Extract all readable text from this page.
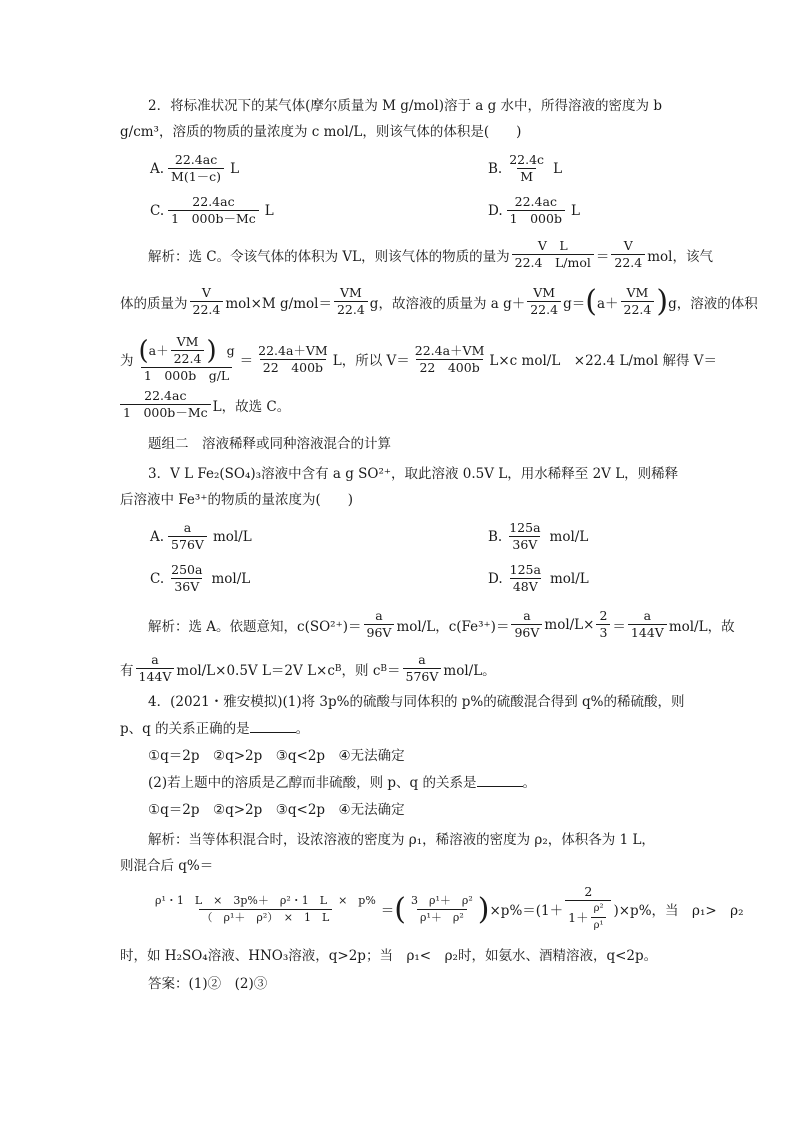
2．将标准状况下的某气体(摩尔质量为 M g/mol)溶于 a g 水中，所得溶液的密度为 b
g/cm³，溶质的物质的量浓度为 c mol/L，则该气体的体积是(　　)
A. $\frac{22.4ac}{M(1-c)}$ L	B. $\frac{22.4c}{M}$ L
C. $\frac{22.4ac}{1 000b-Mc}$ L	D. $\frac{22.4ac}{1 000b}$ L
解析：选 C。令该气体的体积为 VL，则该气体的物质的量为 $\frac{\text{V　L}}{\text{22.4　L/mol}} = \frac{V}{22.4}$ mol，该气
体的质量为 $\frac{V}{22.4} mol\times M$ $g/mol= \frac{VM}{22.4}$ g，故溶液的质量为 a $g+ \frac{VM}{22.4} g=$ ( $a+ \frac{VM}{22.4}$ ) g，溶液的体积
为 $\frac{( a+ \frac{VM}{22.4} ) g}{\text{1　000b　g/L}} = \frac{22.4a+VM}{22 400b}$ L，所以 $V= \frac{22.4a+VM}{22 400b} L\times c$ mol/L　×22.4 L/mol 解得 V＝
$\frac{22.4ac}{1 000b-Mc}$ L，故选 C。
题组二　溶液稀释或同种溶液混合的计算
3．V L Fe₂(SO₄)₃溶液中含有 a g SO²⁺，取此溶液 0.5V L，用水稀释至 2V L，则稀释
后溶液中 Fe³⁺的物质的量浓度为(　　)
A. $\frac{a}{576V} mol/L$	B. $\frac{125a}{36V} mol/L$
C. $\frac{250a}{36V} mol/L$	D. $\frac{125a}{48V} mol/L$
解析：选 A。依题意知，$c(SO^{2+})= \frac{a}{96V} mol/L$，$c(Fe^{3+})= \frac{a}{96V} mol/L\times \frac{2}{3} = \frac{a}{144V} mol/L$，故
有 $\frac{a}{144V} mol/L\times 0.5V$ L＝2V L×c B ，则 c $B = \frac{a}{576V} mol/L$。
4．(2021・雅安模拟)(1)将 3p%的硫酸与同体积的 p%的硫酸混合得到 q%的稀硫酸，则
p、q 的关系正确的是	。
①q＝2p　②q>2p　③q<2p　④无法确定
(2)若上题中的溶质是乙醇而非硫酸，则 p、q 的关系是	。
①q＝2p　②q>2p　③q<2p　④无法确定
解析：当等体积混合时，设浓溶液的密度为 ρ₁，稀溶液的密度为 ρ₂，体积各为 1 L，
则混合后 q%＝
$\frac{\text{ρ¹・1　L　×　3p\%＋　ρ²・1　L　×　p\%}}{\text{（　ρ¹＋　ρ²）　×　1　L}}$ ＝ ( $\frac{\text{3　ρ¹＋　ρ²}}{\text{ρ¹＋　ρ²}}$ ) $\times p\%=(1+ \frac{2}{1+ \frac{\text{ρ²}}{\text{ρ¹}}} )\times p\%$，当　ρ₁>　ρ₂
时，如 H₂SO₄溶液、HNO₃溶液，q>2p；当　ρ₁<　ρ₂时，如氨水、酒精溶液，q<2p。
答案：(1)②　(2)③
